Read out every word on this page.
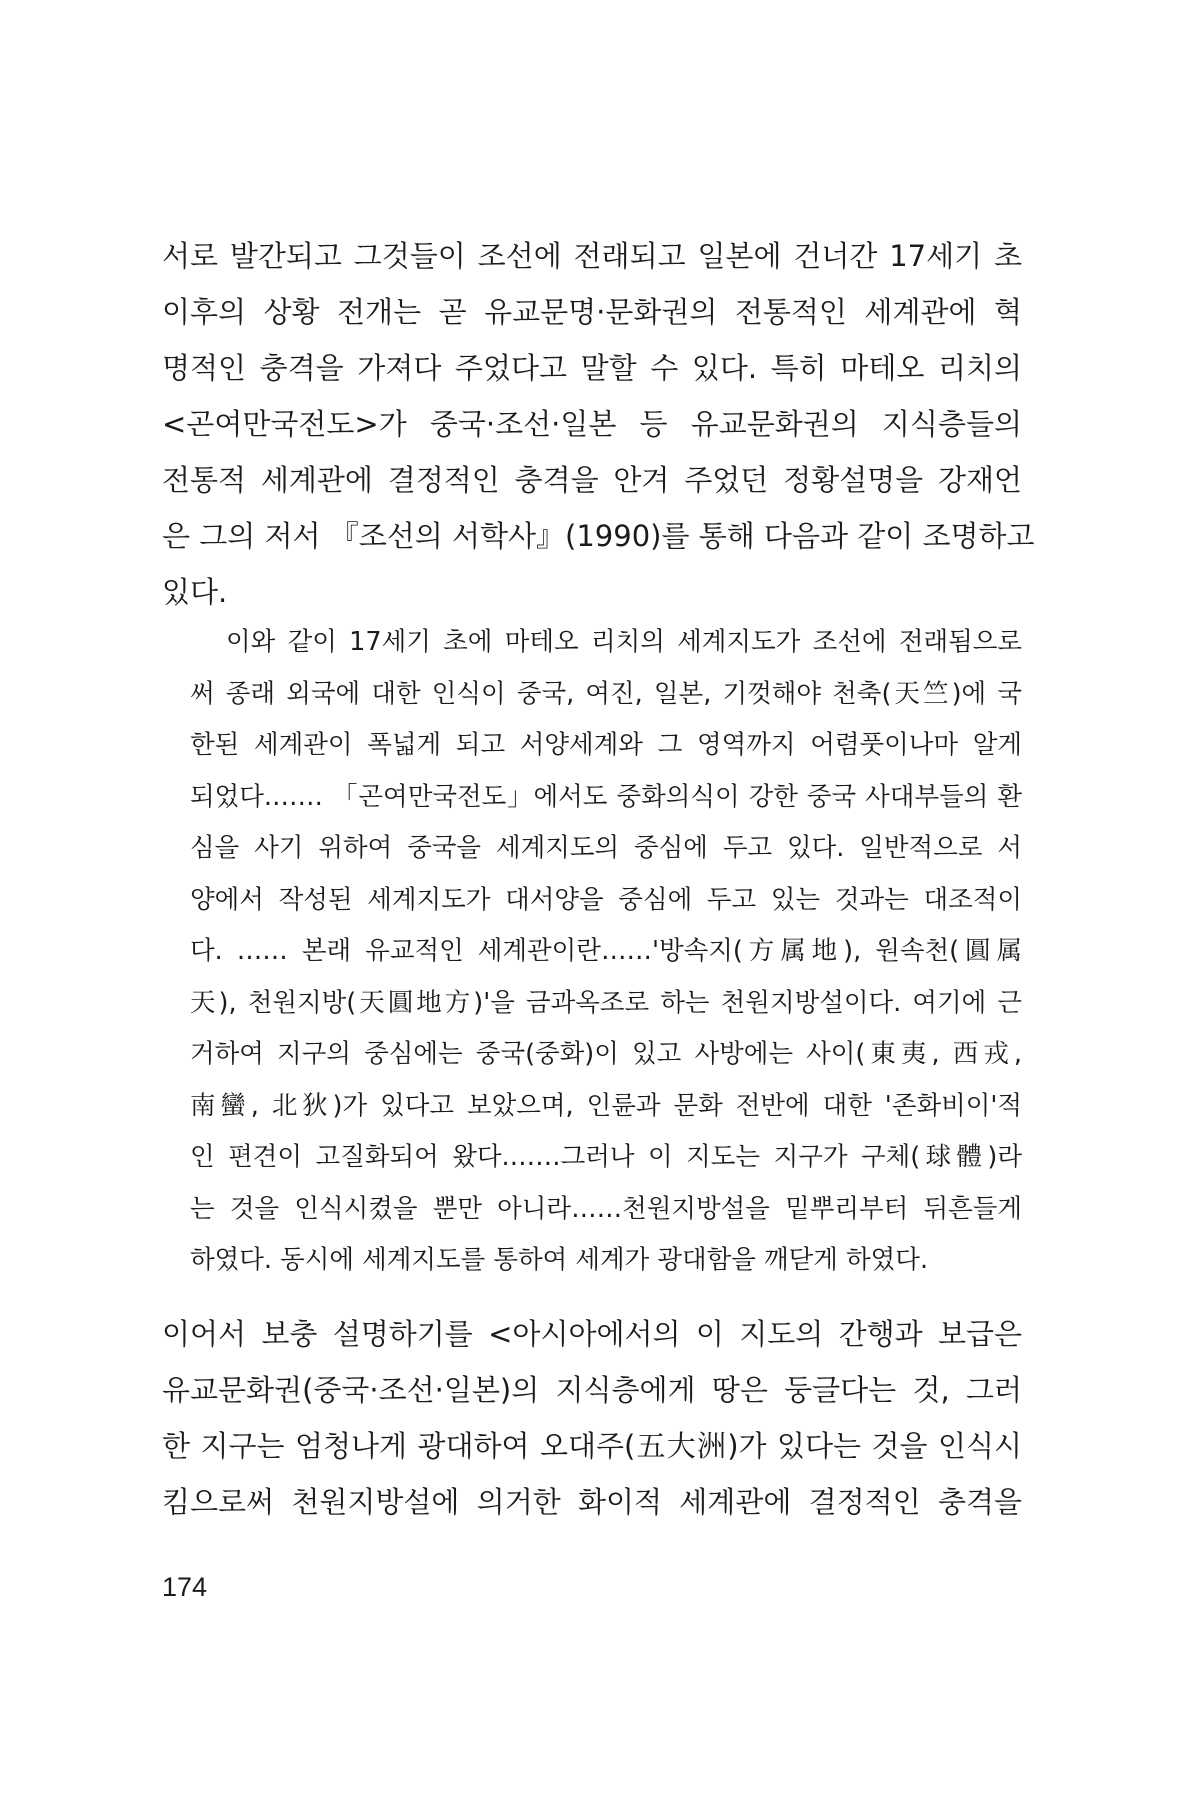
서로 발간되고 그것들이 조선에 전래되고 일본에 건너간 17세기 초
이후의 상황 전개는 곧 유교문명·문화권의 전통적인 세계관에 혁
명적인 충격을 가져다 주었다고 말할 수 있다. 특히 마테오 리치의
<곤여만국전도>가 중국·조선·일본 등 유교문화권의 지식층들의
전통적 세계관에 결정적인 충격을 안겨 주었던 정황설명을 강재언
은 그의 저서 『조선의 서학사』(1990)를 통해 다음과 같이 조명하고
있다.

이와 같이 17세기 초에 마테오 리치의 세계지도가 조선에 전래됨으로
써 종래 외국에 대한 인식이 중국, 여진, 일본, 기껏해야 천축(天竺)에 국
한된 세계관이 폭넓게 되고 서양세계와 그 영역까지 어렴풋이나마 알게
되었다.…… 「곤여만국전도」에서도 중화의식이 강한 중국 사대부들의 환
심을 사기 위하여 중국을 세계지도의 중심에 두고 있다. 일반적으로 서
양에서 작성된 세계지도가 대서양을 중심에 두고 있는 것과는 대조적이
다. …… 본래 유교적인 세계관이란……'방속지(方属地), 원속천(圓属
天), 천원지방(天圓地方)'을 금과옥조로 하는 천원지방설이다. 여기에 근
거하여 지구의 중심에는 중국(중화)이 있고 사방에는 사이(東夷, 西戎,
南蠻, 北狄)가 있다고 보았으며, 인륜과 문화 전반에 대한 '존화비이'적
인 편견이 고질화되어 왔다.……그러나 이 지도는 지구가 구체(球體)라
는 것을 인식시켰을 뿐만 아니라……천원지방설을 밑뿌리부터 뒤흔들게
하였다. 동시에 세계지도를 통하여 세계가 광대함을 깨닫게 하였다.

이어서 보충 설명하기를 <아시아에서의 이 지도의 간행과 보급은
유교문화권(중국·조선·일본)의 지식층에게 땅은 둥글다는 것, 그러
한 지구는 엄청나게 광대하여 오대주(五大洲)가 있다는 것을 인식시
킴으로써 천원지방설에 의거한 화이적 세계관에 결정적인 충격을

174
